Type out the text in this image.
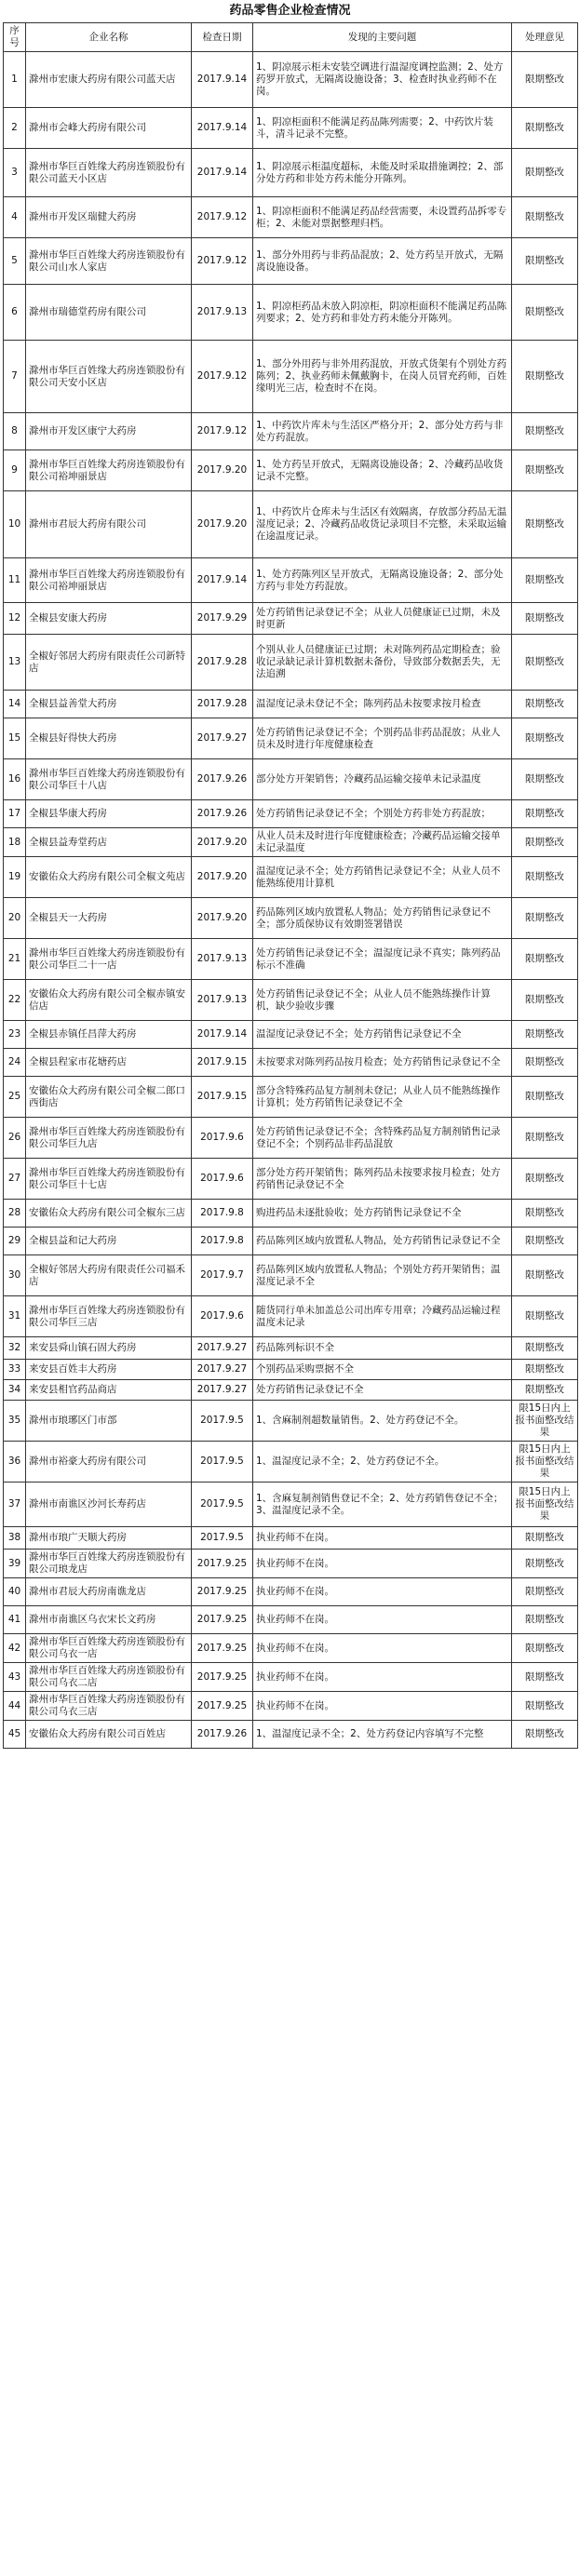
药品零售企业检查情况
序号	企业名称	检查日期	发现的主要问题	处理意见
1	滁州市宏康大药房有限公司蓝天店	2017.9.14	1、阴凉展示柜未安装空调进行温湿度调控监测；2、处方药罗开放式，无隔离设施设备；3、检查时执业药师不在岗。	限期整改
2	滁州市会峰大药房有限公司	2017.9.14	1、阴凉柜面积不能满足药品陈列需要；2、中药饮片装斗，清斗记录不完整。	限期整改
3	滁州市华巨百姓缘大药房连锁股份有限公司蓝天小区店	2017.9.14	1、阴凉展示柜温度超标，未能及时采取措施调控；2、部分处方药和非处方药未能分开陈列。	限期整改
4	滁州市开发区瑞健大药房	2017.9.12	1、阴凉柜面积不能满足药品经营需要，未设置药品拆零专柜；2、未能对票据整理归档。	限期整改
5	滁州市华巨百姓缘大药房连锁股份有限公司山水人家店	2017.9.12	1、部分外用药与非药品混放；2、处方药呈开放式，无隔离设施设备。	限期整改
6	滁州市瑞德堂药房有限公司	2017.9.13	1、阴凉柜药品未放入阴凉柜，阴凉柜面积不能满足药品陈列要求；2、处方药和非处方药未能分开陈列。	限期整改
7	滁州市华巨百姓缘大药房连锁股份有限公司天安小区店	2017.9.12	1、部分外用药与非外用药混放，开放式货架有个别处方药陈列；2、执业药师未佩戴胸卡，在岗人员冒充药师，百姓缘明光三店，检查时不在岗。	限期整改
8	滁州市开发区康宁大药房	2017.9.12	1、中药饮片库未与生活区严格分开；2、部分处方药与非处方药混放。	限期整改
9	滁州市华巨百姓缘大药房连锁股份有限公司裕坤丽景店	2017.9.20	1、处方药呈开放式，无隔离设施设备；2、冷藏药品收货记录不完整。	限期整改
10	滁州市君辰大药房有限公司	2017.9.20	1、中药饮片仓库未与生活区有效隔离，存放部分药品无温湿度记录；2、冷藏药品收货记录项目不完整，未采取运输在途温度记录。	限期整改
11	滁州市华巨百姓缘大药房连锁股份有限公司裕坤丽景店	2017.9.14	1、处方药陈列区呈开放式，无隔离设施设备；2、部分处方药与非处方药混放。	限期整改
12	全椒县安康大药房	2017.9.29	处方药销售记录登记不全；从业人员健康证已过期，未及时更新	限期整改
13	全椒好邻居大药房有限责任公司新特店	2017.9.28	个别从业人员健康证已过期；未对陈列药品定期检查；验收记录缺记录计算机数据未备份，导致部分数据丢失，无法追溯	限期整改
14	全椒县益善堂大药房	2017.9.28	温湿度记录未登记不全；陈列药品未按要求按月检查	限期整改
15	全椒县好得快大药房	2017.9.27	处方药销售记录登记不全；个别药品非药品混放；从业人员未及时进行年度健康检查	限期整改
16	滁州市华巨百姓缘大药房连锁股份有限公司华巨十八店	2017.9.26	部分处方开架销售；冷藏药品运输交接单未记录温度	限期整改
17	全椒县华康大药房	2017.9.26	处方药销售记录登记不全；个别处方药非处方药混放；	限期整改
18	全椒县益寿堂药店	2017.9.20	从业人员未及时进行年度健康检查；冷藏药品运输交接单未记录温度	限期整改
19	安徽佑众大药房有限公司全椒文苑店	2017.9.20	温湿度记录不全；处方药销售记录登记不全；从业人员不能熟练使用计算机	限期整改
20	全椒县天一大药房	2017.9.20	药品陈列区域内放置私人物品；处方药销售记录登记不全；部分质保协议有效期签署错误	限期整改
21	滁州市华巨百姓缘大药房连锁股份有限公司华巨二十一店	2017.9.13	处方药销售记录登记不全；温湿度记录不真实；陈列药品标示不准确	限期整改
22	安徽佑众大药房有限公司全椒赤镇安信店	2017.9.13	处方药销售记录登记不全；从业人员不能熟练操作计算机，缺少验收步骤	限期整改
23	全椒县赤镇任昌萍大药房	2017.9.14	温湿度记录登记不全；处方药销售记录登记不全	限期整改
24	全椒县程家市花塘药店	2017.9.15	未按要求对陈列药品按月检查；处方药销售记录登记不全	限期整改
25	安徽佑众大药房有限公司全椒二郎口西街店	2017.9.15	部分含特殊药品复方制剂未登记；从业人员不能熟练操作计算机；处方药销售记录登记不全	限期整改
26	滁州市华巨百姓缘大药房连锁股份有限公司华巨九店	2017.9.6	处方药销售记录登记不全；含特殊药品复方制剂销售记录登记不全；个别药品非药品混放	限期整改
27	滁州市华巨百姓缘大药房连锁股份有限公司华巨十七店	2017.9.6	部分处方药开架销售；陈列药品未按要求按月检查；处方药销售记录登记不全	限期整改
28	安徽佑众大药房有限公司全椒东三店	2017.9.8	购进药品未逐批验收；处方药销售记录登记不全	限期整改
29	全椒县益和记大药房	2017.9.8	药品陈列区域内放置私人物品，处方药销售记录登记不全	限期整改
30	全椒好邻居大药房有限责任公司福禾店	2017.9.7	药品陈列区域内放置私人物品；个别处方药开架销售；温湿度记录不全	限期整改
31	滁州市华巨百姓缘大药房连锁股份有限公司华巨三店	2017.9.6	随货同行单未加盖总公司出库专用章；冷藏药品运输过程温度未记录	限期整改
32	来安县舜山镇石固大药房	2017.9.27	药品陈列标识不全	限期整改
33	来安县百姓丰大药房	2017.9.27	个别药品采购票据不全	限期整改
34	来安县相官药品商店	2017.9.27	处方药销售记录登记不全	限期整改
35	滁州市琅琊区门市部	2017.9.5	1、含麻制剂超数量销售。2、处方药登记不全。	限15日内上报书面整改结果
36	滁州市裕豪大药房有限公司	2017.9.5	1、温湿度记录不全；2、处方药登记不全。	限15日内上报书面整改结果
37	滁州市南谯区沙河长寿药店	2017.9.5	1、含麻复制剂销售登记不全；2、处方药销售登记不全；3、温湿度记录不全。	限15日内上报书面整改结果
38	滁州市琅广天顺大药房	2017.9.5	执业药师不在岗。	限期整改
39	滁州市华巨百姓缘大药房连锁股份有限公司琅龙店	2017.9.25	执业药师不在岗。	限期整改
40	滁州市君辰大药房南谯龙店	2017.9.25	执业药师不在岗。	限期整改
41	滁州市南谯区乌衣宋长文药房	2017.9.25	执业药师不在岗。	限期整改
42	滁州市华巨百姓缘大药房连锁股份有限公司乌衣一店	2017.9.25	执业药师不在岗。	限期整改
43	滁州市华巨百姓缘大药房连锁股份有限公司乌衣二店	2017.9.25	执业药师不在岗。	限期整改
44	滁州市华巨百姓缘大药房连锁股份有限公司乌衣三店	2017.9.25	执业药师不在岗。	限期整改
45	安徽佑众大药房有限公司百姓店	2017.9.26	1、温湿度记录不全；2、处方药登记内容填写不完整	限期整改
